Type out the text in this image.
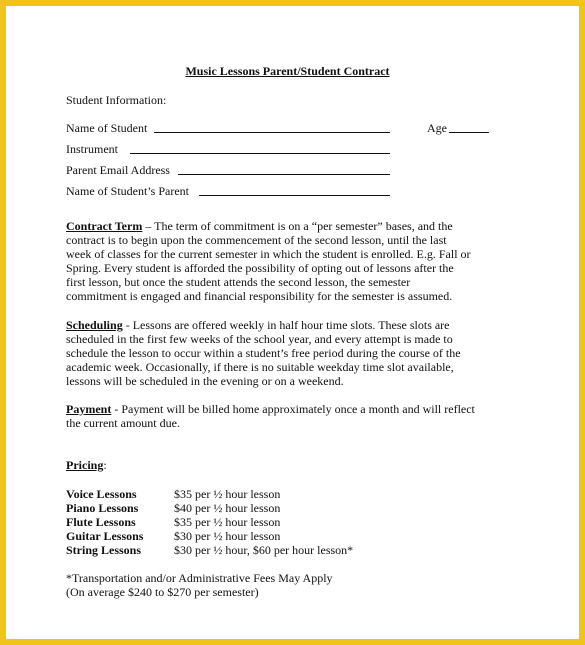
Music Lessons Parent/Student Contract
Student Information:
Name of Student	Age
Instrument
Parent Email Address
Name of Student’s Parent
Contract Term – The term of commitment is on a “per semester” bases, and the
contract is to begin upon the commencement of the second lesson, until the last
week of classes for the current semester in which the student is enrolled. E.g. Fall or
Spring. Every student is afforded the possibility of opting out of lessons after the
first lesson, but once the student attends the second lesson, the semester
commitment is engaged and financial responsibility for the semester is assumed.
Scheduling - Lessons are offered weekly in half hour time slots. These slots are
scheduled in the first few weeks of the school year, and every attempt is made to
schedule the lesson to occur within a student’s free period during the course of the
academic week. Occasionally, if there is no suitable weekday time slot available,
lessons will be scheduled in the evening or on a weekend.
Payment - Payment will be billed home approximately once a month and will reflect
the current amount due.
Pricing:
Voice Lessons	$35 per ½ hour lesson
Piano Lessons	$40 per ½ hour lesson
Flute Lessons	$35 per ½ hour lesson
Guitar Lessons	$30 per ½ hour lesson
String Lessons	$30 per ½ hour, $60 per hour lesson*
*Transportation and/or Administrative Fees May Apply
(On average $240 to $270 per semester)
